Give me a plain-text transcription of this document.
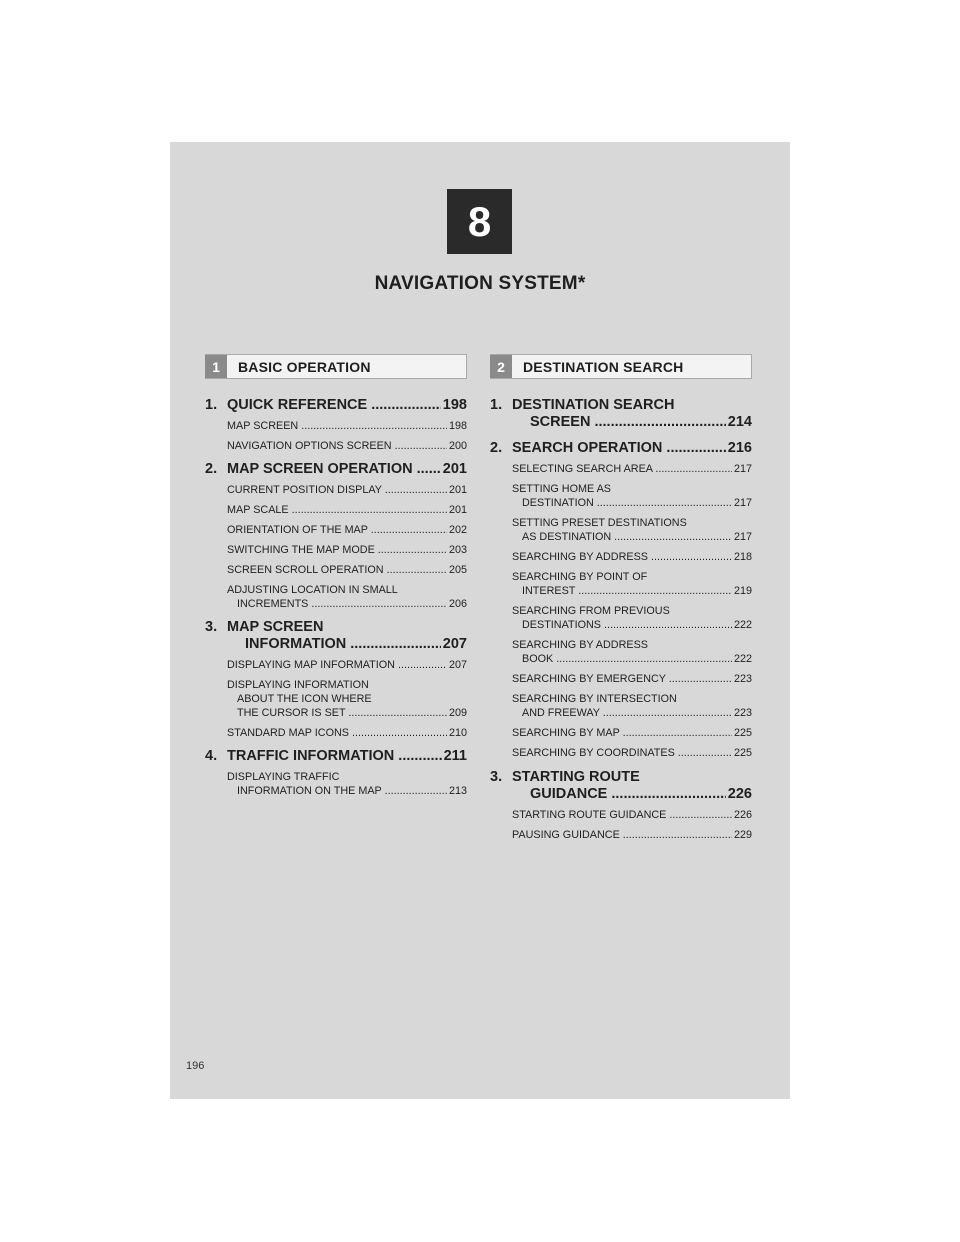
8
NAVIGATION SYSTEM*
1	BASIC OPERATION
1. QUICK REFERENCE .....	198
MAP SCREEN .....	198
NAVIGATION OPTIONS SCREEN .....	200
2. MAP SCREEN OPERATION .....	201
CURRENT POSITION DISPLAY .....	201
MAP SCALE .....	201
ORIENTATION OF THE MAP .....	202
SWITCHING THE MAP MODE .....	203
SCREEN SCROLL OPERATION .....	205
ADJUSTING LOCATION IN SMALL
INCREMENTS .....	206
3. MAP SCREEN
INFORMATION .....	207
DISPLAYING MAP INFORMATION .....	207
DISPLAYING INFORMATION
ABOUT THE ICON WHERE
THE CURSOR IS SET .....	209
STANDARD MAP ICONS .....	210
4. TRAFFIC INFORMATION .....	211
DISPLAYING TRAFFIC
INFORMATION ON THE MAP .....	213
2	DESTINATION SEARCH
1. DESTINATION SEARCH
SCREEN .....	214
2. SEARCH OPERATION .....	216
SELECTING SEARCH AREA .....	217
SETTING HOME AS
DESTINATION .....	217
SETTING PRESET DESTINATIONS
AS DESTINATION .....	217
SEARCHING BY ADDRESS .....	218
SEARCHING BY POINT OF
INTEREST .....	219
SEARCHING FROM PREVIOUS
DESTINATIONS .....	222
SEARCHING BY ADDRESS
BOOK .....	222
SEARCHING BY EMERGENCY .....	223
SEARCHING BY INTERSECTION
AND FREEWAY .....	223
SEARCHING BY MAP .....	225
SEARCHING BY COORDINATES .....	225
3. STARTING ROUTE
GUIDANCE .....	226
STARTING ROUTE GUIDANCE .....	226
PAUSING GUIDANCE .....	229
196
